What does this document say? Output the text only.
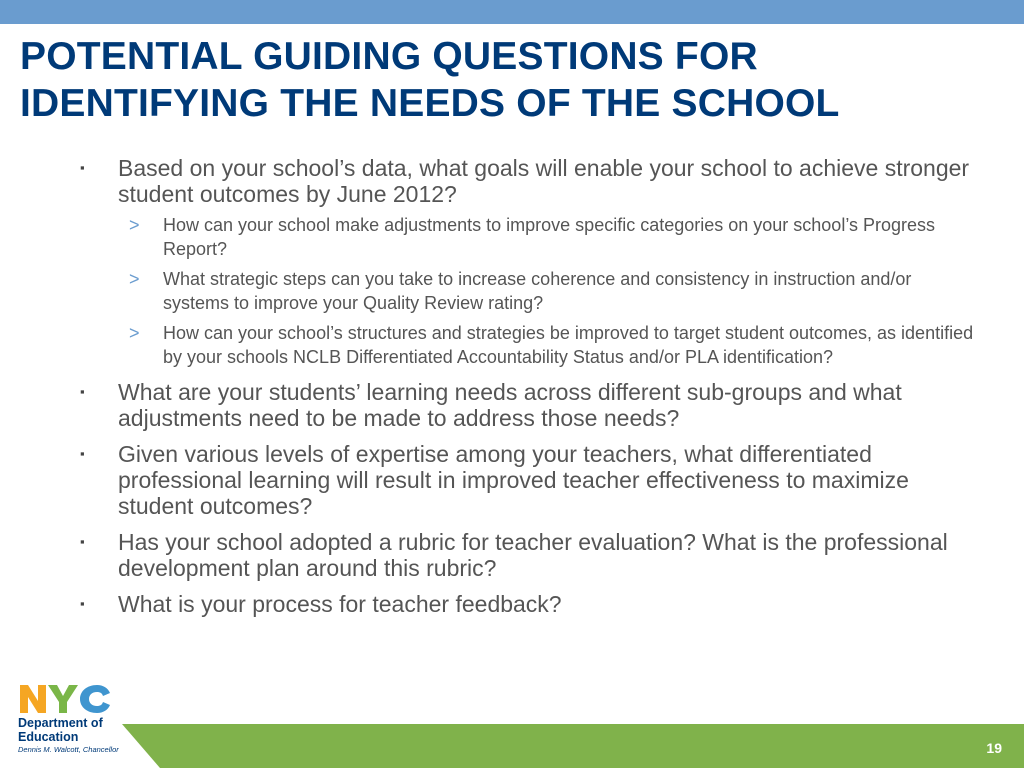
POTENTIAL GUIDING QUESTIONS FOR
IDENTIFYING THE NEEDS OF THE SCHOOL
▪ Based on your school’s data, what goals will enable your school to achieve stronger student outcomes by June 2012?
> How can your school make adjustments to improve specific categories on your school’s Progress Report?
> What strategic steps can you take to increase coherence and consistency in instruction and/or systems to improve your Quality Review rating?
> How can your school’s structures and strategies be improved to target student outcomes, as identified by your schools NCLB Differentiated Accountability Status and/or PLA identification?
▪ What are your students’ learning needs across different sub-groups and what adjustments need to be made to address those needs?
▪ Given various levels of expertise among your teachers, what differentiated professional learning will result in improved teacher effectiveness to maximize student outcomes?
▪ Has your school adopted a rubric for teacher evaluation? What is the professional development plan around this rubric?
▪ What is your process for teacher feedback?
19
Department of
Education
Dennis M. Walcott, Chancellor
